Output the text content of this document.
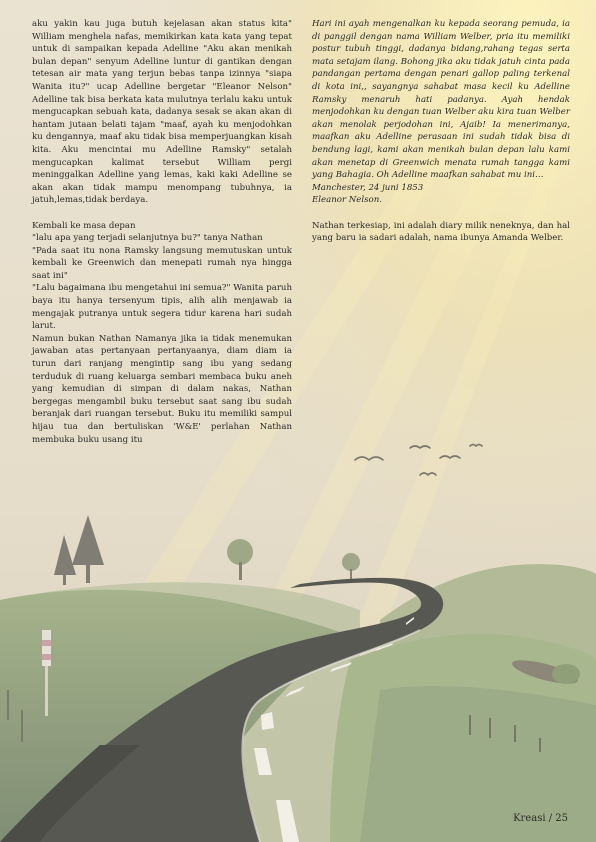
aku yakin kau juga butuh kejelasan akan status kita" William menghela nafas, memikirkan kata kata yang tepat untuk di sampaikan kepada Adelline "Aku akan menikah bulan depan" senyum Adelline luntur di gantikan dengan tetesan air mata yang terjun bebas tanpa izinnya "siapa Wanita itu?" ucap Adelline bergetar "Eleanor Nelson" Adelline tak bisa berkata kata mulutnya terlalu kaku untuk mengucapkan sebuah kata, dadanya sesak se akan akan di hantam jutaan belati tajam "maaf, ayah ku menjodohkan ku dengannya, maaf aku tidak bisa memperjuangkan kisah kita. Aku mencintai mu Adelline Ramsky" setalah mengucapkan kalimat tersebut William pergi meninggalkan Adelline yang lemas, kaki kaki Adelline se akan akan tidak mampu menompang tubuhnya, ia jatuh,lemas,tidak berdaya.

Kembali ke masa depan

"lalu apa yang terjadi selanjutnya bu?" tanya Nathan

"Pada saat itu nona Ramsky langsung memutuskan untuk kembali ke Greenwich dan menepati rumah nya hingga saat ini"

"Lalu bagaimana ibu mengetahui ini semua?" Wanita paruh baya itu hanya tersenyum tipis, alih alih menjawab ia mengajak putranya untuk segera tidur karena hari sudah larut.

Namun bukan Nathan Namanya jika ia tidak menemukan jawaban atas pertanyaan pertanyaanya, diam diam ia turun dari ranjang mengintip sang ibu yang sedang terduduk di ruang keluarga sembari membaca buku aneh yang kemudian di simpan di dalam nakas, Nathan bergegas mengambil buku tersebut saat sang ibu sudah beranjak dari ruangan tersebut. Buku itu memiliki sampul hijau tua dan bertuliskan 'W&E' perlahan Nathan membuka buku usang itu

Hari ini ayah mengenalkan ku kepada seorang pemuda, ia di panggil dengan nama William Welber, pria itu memiliki postur tubuh tinggi, dadanya bidang,rahang tegas serta mata setajam ilang. Bohong jika aku tidak jatuh cinta pada pandangan pertama dengan penari gallop paling terkenal di kota ini,, sayangnya sahabat masa kecil ku Adelline Ramsky menaruh hati padanya. Ayah hendak menjodohkan ku dengan tuan Welber aku kira tuan Welber akan menolak perjodohan ini, Ajaib! Ia menerimanya, maafkan aku Adelline perasaan ini sudah tidak bisa di bendung lagi, kami akan menikah bulan depan lalu kami akan menetap di Greenwich menata rumah tangga kami yang Bahagia. Oh Adelline maafkan sahabat mu ini…

Manchester, 24 juni 1853

Eleanor Nelson.

Nathan terkesiap, ini adalah diary milik neneknya, dan hal yang baru ia sadari adalah, nama ibunya Amanda Welber.

Kreasi / 25
